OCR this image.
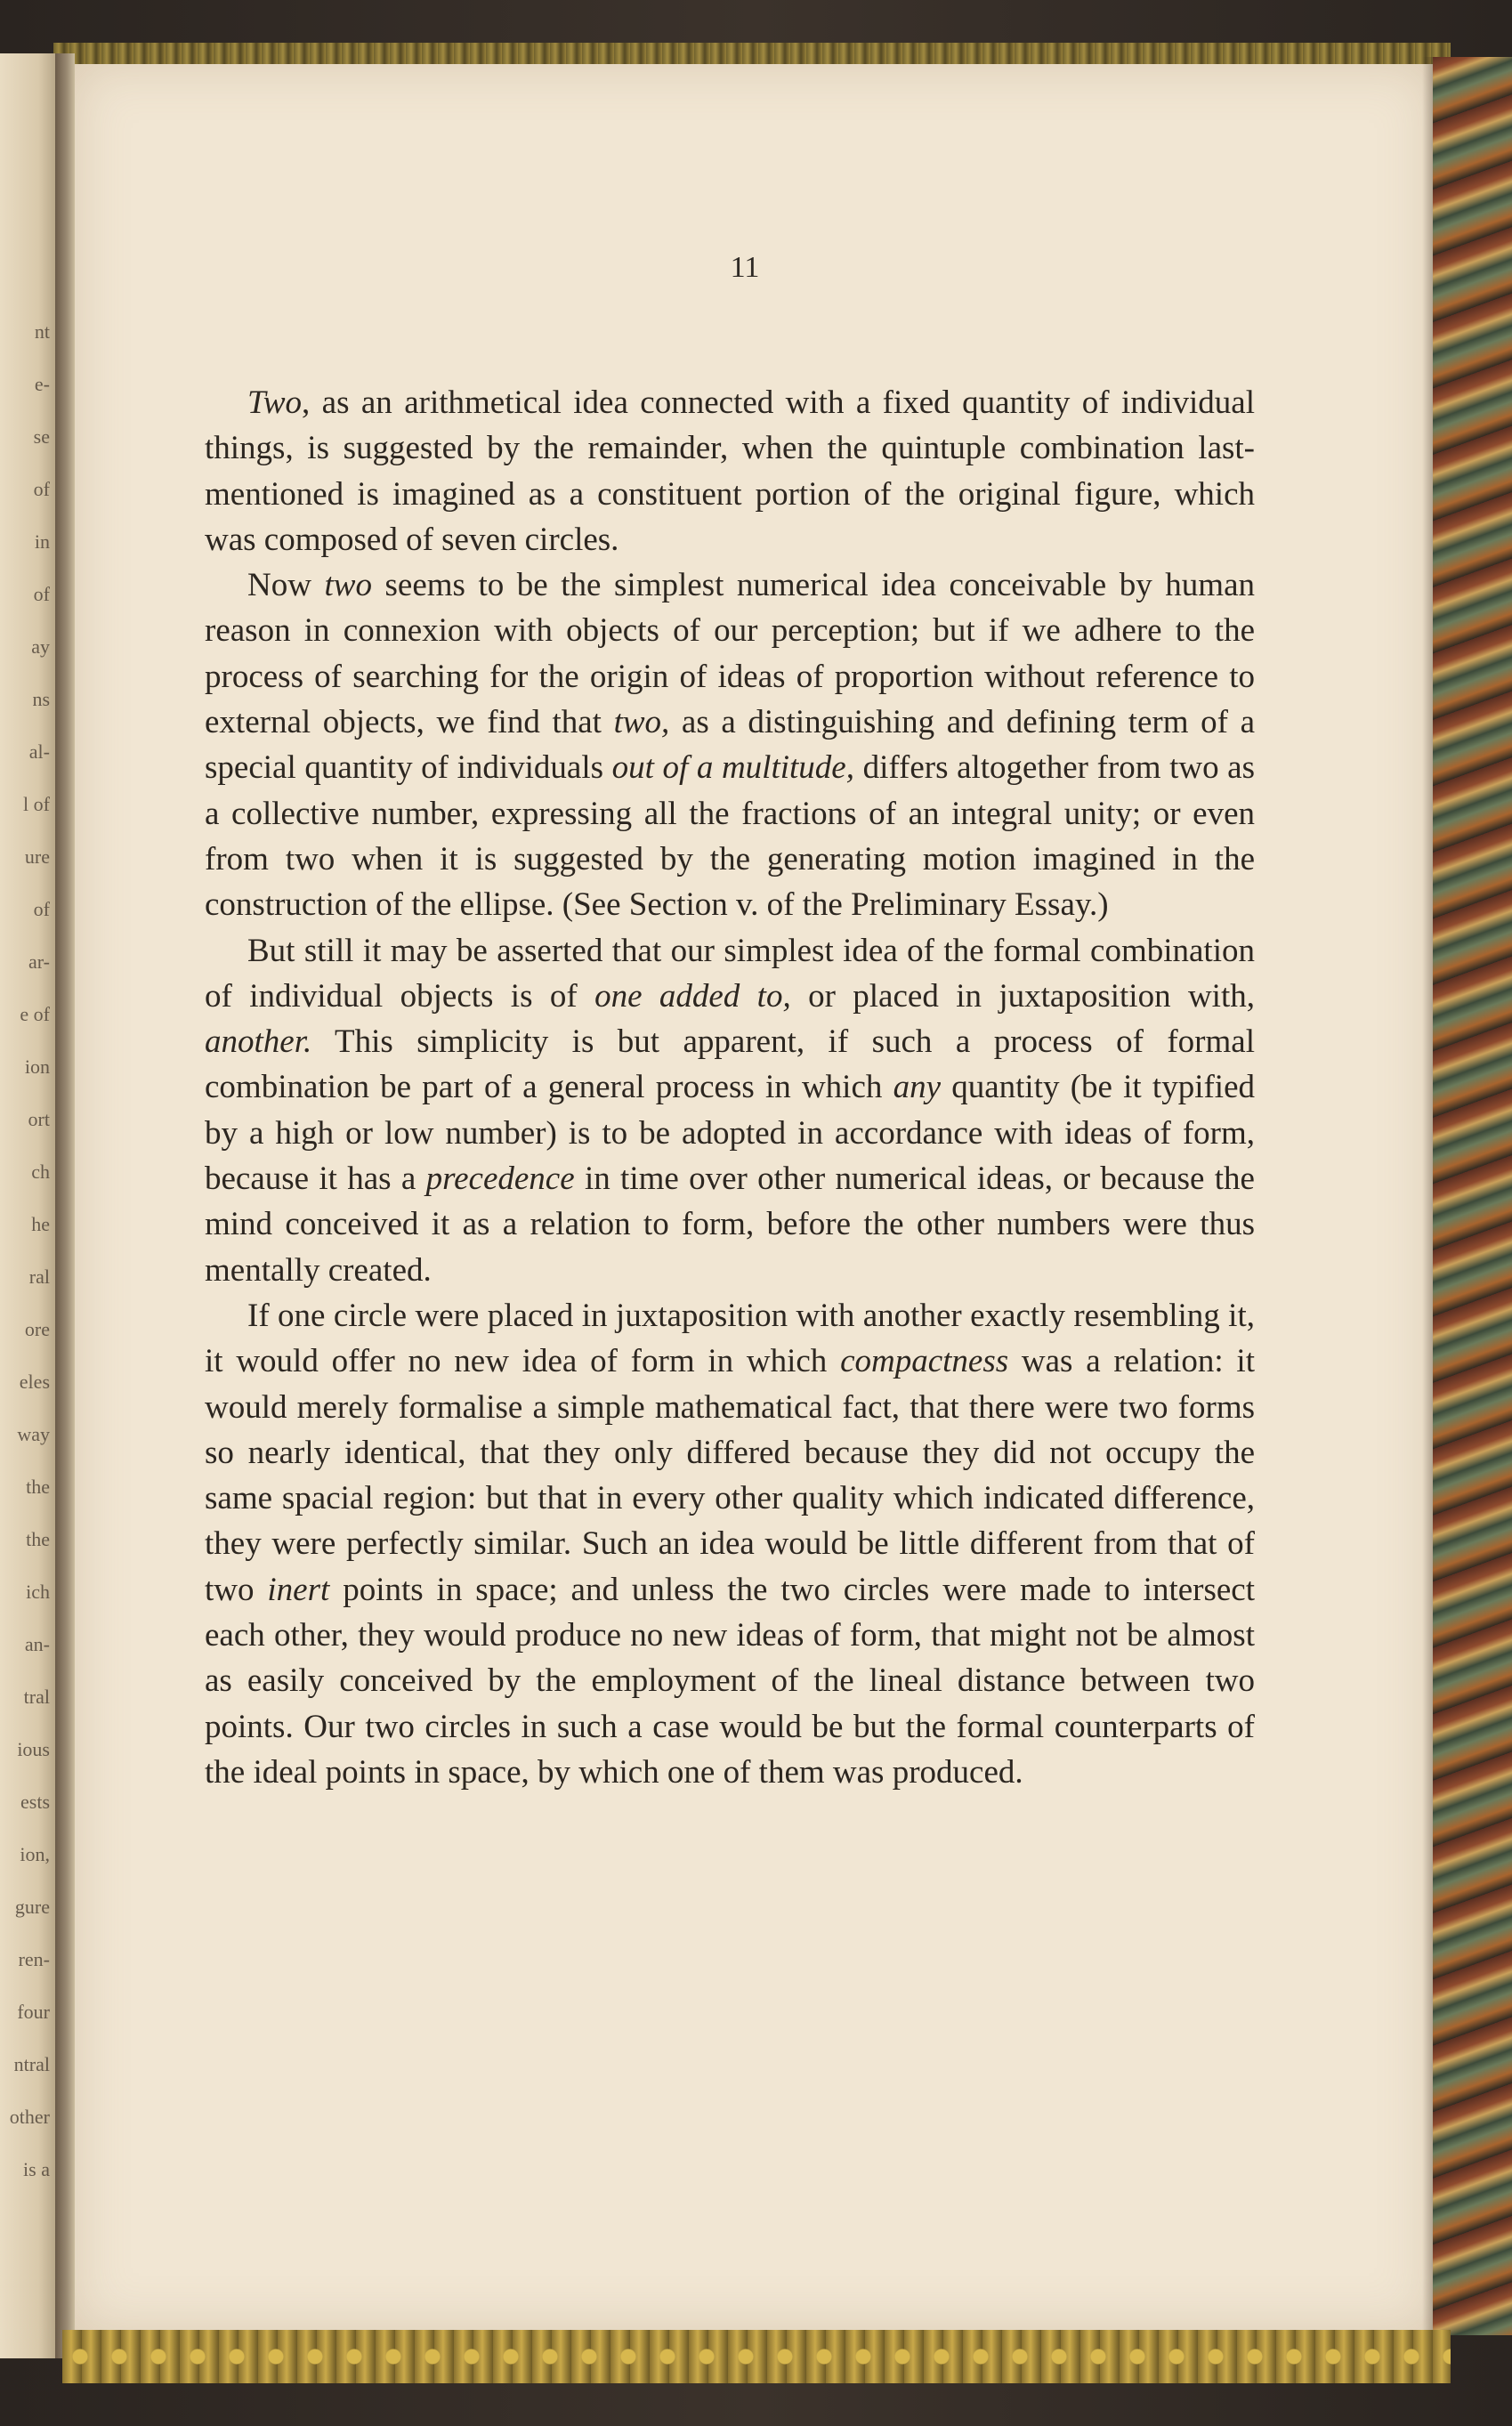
nt
e-
se
of
in
of
ay
ns
al-
l of
ure
of
ar-
e of
ion
ort
ch
he
ral
ore
eles
way
the
the
ich
an-
tral
ious
ests
ion,
gure
ren-
four
ntral
other
is a
11

Two, as an arithmetical idea connected with a fixed quantity of individual things, is suggested by the remainder, when the quintuple combination last-mentioned is imagined as a constituent portion of the original figure, which was composed of seven circles.

Now two seems to be the simplest numerical idea conceivable by human reason in connexion with objects of our perception; but if we adhere to the process of searching for the origin of ideas of proportion without reference to external objects, we find that two, as a distinguishing and defining term of a special quantity of individuals out of a multitude, differs altogether from two as a collective number, expressing all the fractions of an integral unity; or even from two when it is suggested by the generating motion imagined in the construction of the ellipse. (See Section v. of the Preliminary Essay.)

But still it may be asserted that our simplest idea of the formal combination of individual objects is of one added to, or placed in juxtaposition with, another. This simplicity is but apparent, if such a process of formal combination be part of a general process in which any quantity (be it typified by a high or low number) is to be adopted in accordance with ideas of form, because it has a precedence in time over other numerical ideas, or because the mind conceived it as a relation to form, before the other numbers were thus mentally created.

If one circle were placed in juxtaposition with another exactly resembling it, it would offer no new idea of form in which compactness was a relation: it would merely formalise a simple mathematical fact, that there were two forms so nearly identical, that they only differed because they did not occupy the same spacial region: but that in every other quality which indicated difference, they were perfectly similar. Such an idea would be little different from that of two inert points in space; and unless the two circles were made to intersect each other, they would produce no new ideas of form, that might not be almost as easily conceived by the employment of the lineal distance between two points. Our two circles in such a case would be but the formal counterparts of the ideal points in space, by which one of them was produced.
